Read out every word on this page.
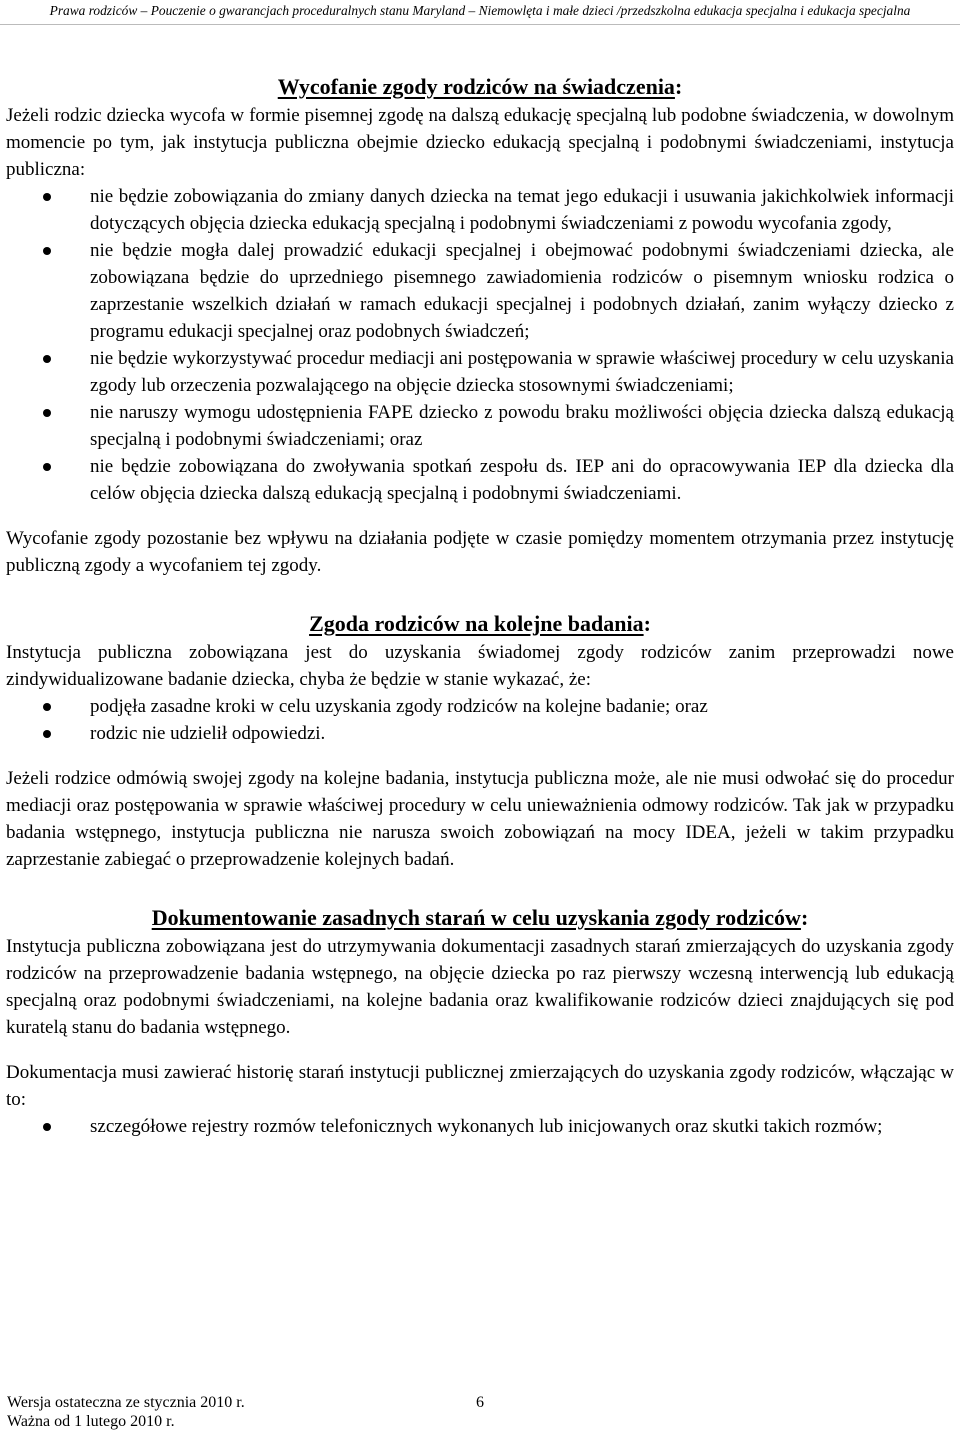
Prawa rodziców – Pouczenie o gwarancjach proceduralnych stanu Maryland – Niemowlęta i małe dzieci /przedszkolna edukacja specjalna i edukacja specjalna
Wycofanie zgody rodziców na świadczenia:

Jeżeli rodzic dziecka wycofa w formie pisemnej zgodę na dalszą edukację specjalną lub podobne świadczenia, w dowolnym momencie po tym, jak instytucja publiczna obejmie dziecko edukacją specjalną i podobnymi świadczeniami, instytucja publiczna:

nie będzie zobowiązania do zmiany danych dziecka na temat jego edukacji i usuwania jakichkolwiek informacji dotyczących objęcia dziecka edukacją specjalną i podobnymi świadczeniami z powodu wycofania zgody,
nie będzie mogła dalej prowadzić edukacji specjalnej i obejmować podobnymi świadczeniami dziecka, ale zobowiązana będzie do uprzedniego pisemnego zawiadomienia rodziców o pisemnym wniosku rodzica o zaprzestanie wszelkich działań w ramach edukacji specjalnej i podobnych działań, zanim wyłączy dziecko z programu edukacji specjalnej oraz podobnych świadczeń;
nie będzie wykorzystywać procedur mediacji ani postępowania w sprawie właściwej procedury w celu uzyskania zgody lub orzeczenia pozwalającego na objęcie dziecka stosownymi świadczeniami;
nie naruszy wymogu udostępnienia FAPE dziecko z powodu braku możliwości objęcia dziecka dalszą edukacją specjalną i podobnymi świadczeniami; oraz
nie będzie zobowiązana do zwoływania spotkań zespołu ds. IEP ani do opracowywania IEP dla dziecka dla celów objęcia dziecka dalszą edukacją specjalną i podobnymi świadczeniami.

Wycofanie zgody pozostanie bez wpływu na działania podjęte w czasie pomiędzy momentem otrzymania przez instytucję publiczną zgody a wycofaniem tej zgody.

Zgoda rodziców na kolejne badania:

Instytucja publiczna zobowiązana jest do uzyskania świadomej zgody rodziców zanim przeprowadzi nowe zindywidualizowane badanie dziecka, chyba że będzie w stanie wykazać, że:

podjęła zasadne kroki w celu uzyskania zgody rodziców na kolejne badanie; oraz
rodzic nie udzielił odpowiedzi.

Jeżeli rodzice odmówią swojej zgody na kolejne badania, instytucja publiczna może, ale nie musi odwołać się do procedur mediacji oraz postępowania w sprawie właściwej procedury w celu unieważnienia odmowy rodziców. Tak jak w przypadku badania wstępnego, instytucja publiczna nie narusza swoich zobowiązań na mocy IDEA, jeżeli w takim przypadku zaprzestanie zabiegać o przeprowadzenie kolejnych badań.

Dokumentowanie zasadnych starań w celu uzyskania zgody rodziców:

Instytucja publiczna zobowiązana jest do utrzymywania dokumentacji zasadnych starań zmierzających do uzyskania zgody rodziców na przeprowadzenie badania wstępnego, na objęcie dziecka po raz pierwszy wczesną interwencją lub edukacją specjalną oraz podobnymi świadczeniami, na kolejne badania oraz kwalifikowanie rodziców dzieci znajdujących się pod kuratelą stanu do badania wstępnego.

Dokumentacja musi zawierać historię starań instytucji publicznej zmierzających do uzyskania zgody rodziców, włączając w to:

szczegółowe rejestry rozmów telefonicznych wykonanych lub inicjowanych oraz skutki takich rozmów;
Wersja ostateczna ze stycznia 2010 r.
Ważna od 1 lutego 2010 r.
6
